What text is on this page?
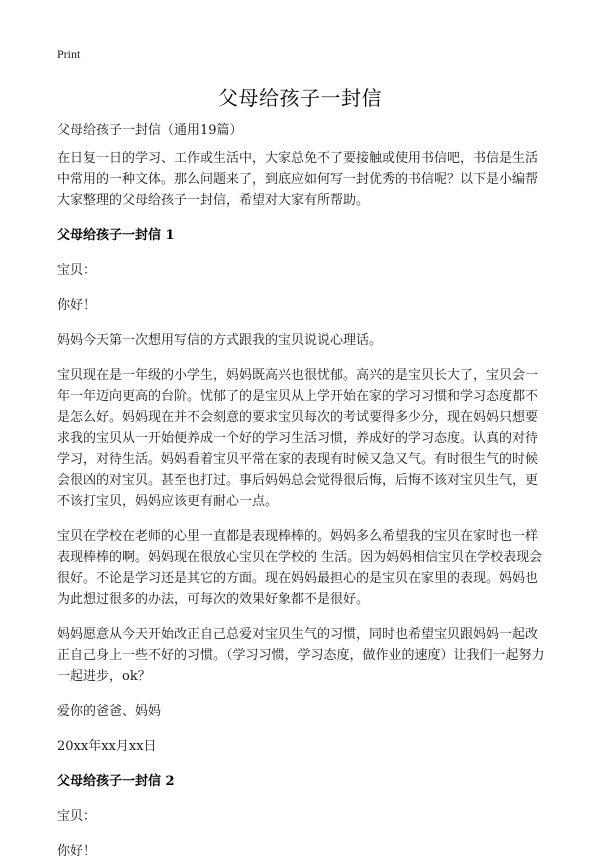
Print
父母给孩子一封信

父母给孩子一封信（通用19篇）

在日复一日的学习、工作或生活中，大家总免不了要接触或使用书信吧，书信是生活中常用的一种文体。那么问题来了，到底应如何写一封优秀的书信呢？以下是小编帮大家整理的父母给孩子一封信，希望对大家有所帮助。

父母给孩子一封信 1

宝贝：

你好！

妈妈今天第一次想用写信的方式跟我的宝贝说说心理话。

宝贝现在是一年级的小学生，妈妈既高兴也很忧郁。高兴的是宝贝长大了，宝贝会一年一年迈向更高的台阶。忧郁了的是宝贝从上学开始在家的学习习惯和学习态度都不是怎么好。妈妈现在并不会刻意的要求宝贝每次的考试要得多少分，现在妈妈只想要求我的宝贝从一开始便养成一个好的学习生活习惯，养成好的学习态度。认真的对待学习，对待生活。妈妈看着宝贝平常在家的表现有时候又急又气。有时很生气的时候会很凶的对宝贝。甚至也打过。事后妈妈总会觉得很后悔，后悔不该对宝贝生气，更不该打宝贝，妈妈应该更有耐心一点。

宝贝在学校在老师的心里一直都是表现棒棒的。妈妈多么希望我的宝贝在家时也一样表现棒棒的啊。妈妈现在很放心宝贝在学校的 生活。因为妈妈相信宝贝在学校表现会很好。不论是学习还是其它的方面。现在妈妈最担心的是宝贝在家里的表现。妈妈也为此想过很多的办法，可每次的效果好象都不是很好。

妈妈愿意从今天开始改正自己总爱对宝贝生气的习惯，同时也希望宝贝跟妈妈一起改正自己身上一些不好的习惯。（学习习惯，学习态度，做作业的速度）让我们一起努力一起进步，ok？

爱你的爸爸、妈妈

20xx年xx月xx日

父母给孩子一封信 2

宝贝：

你好！
